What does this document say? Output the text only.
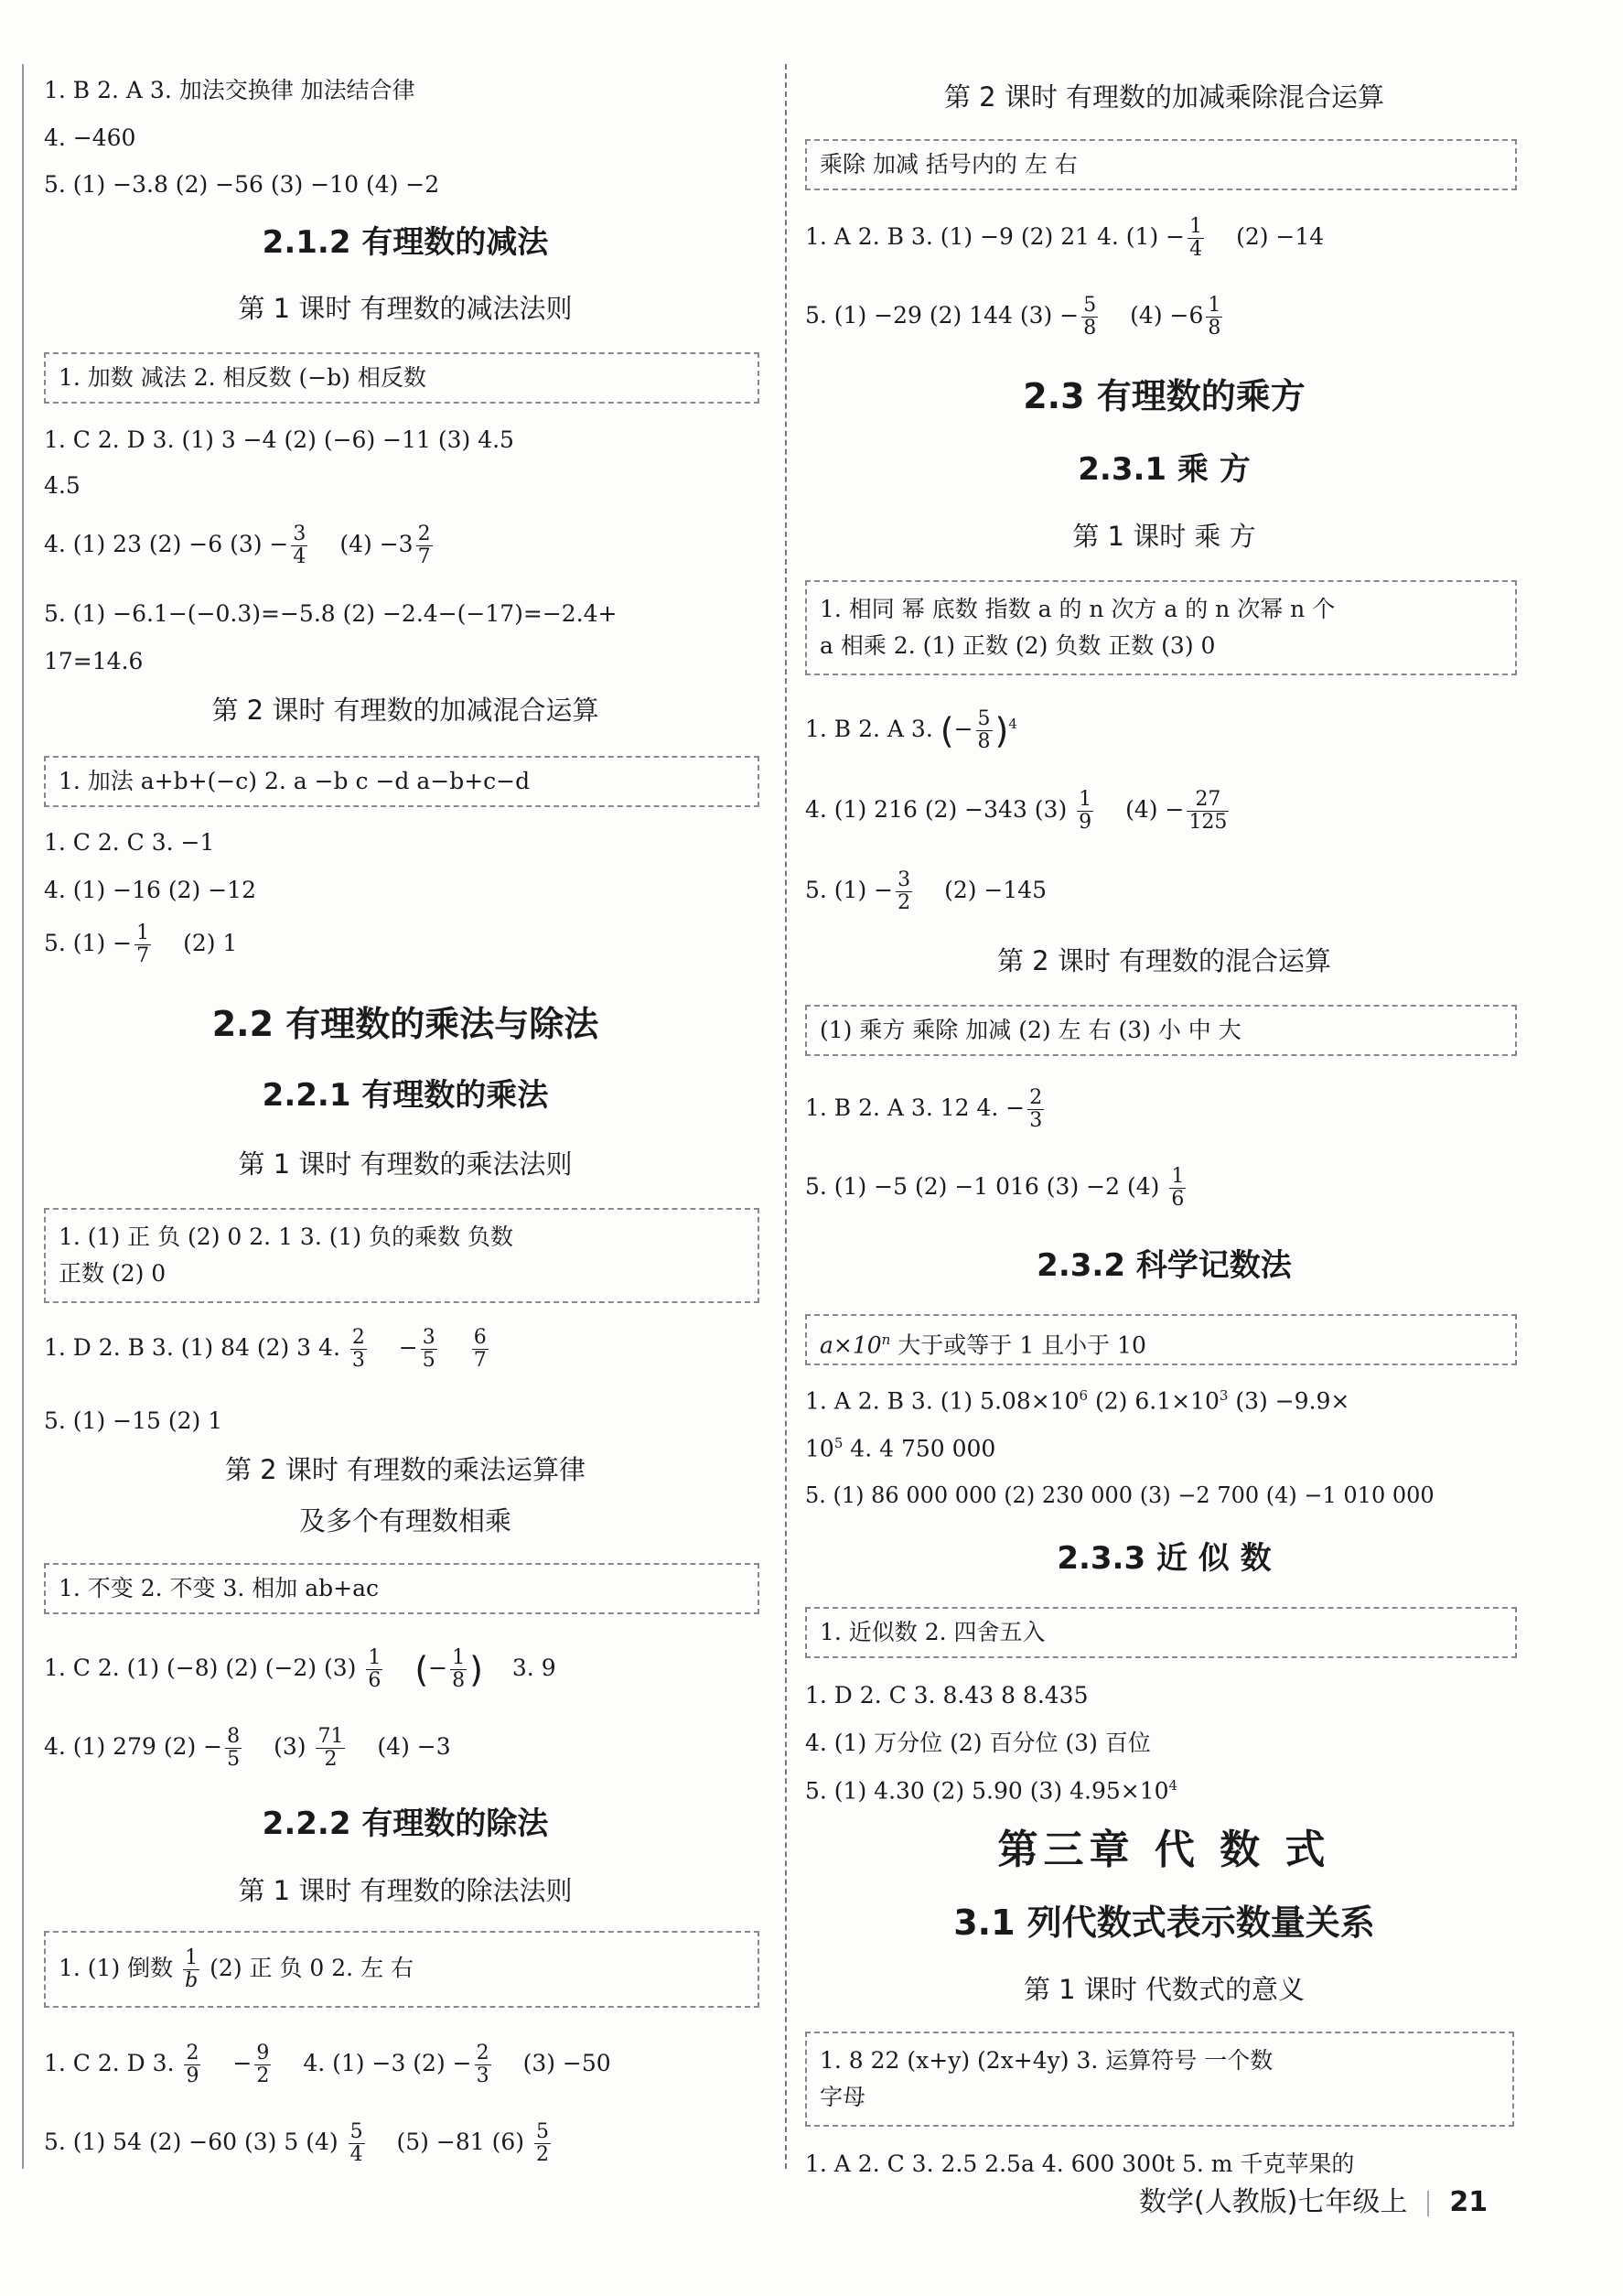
1. B 2. A 3. 加法交换律 加法结合律
4. −460
5. (1) −3.8 (2) −56 (3) −10 (4) −2
2.1.2 有理数的减法
第 1 课时 有理数的减法法则
1. 加数 减法 2. 相反数 (−b) 相反数
1. C 2. D 3. (1) 3 −4 (2) (−6) −11 (3) 4.5
4.5
4. (1) 23 (2) −6 $(3) - \frac{3}{4} (4) -3 \frac{2}{7}$
5. (1) −6.1−(−0.3)=−5.8 (2) −2.4−(−17)=−2.4+
17=14.6
第 2 课时 有理数的加减混合运算
1. 加法 a+b+(−c) 2. a −b c −d a−b+c−d
1. C 2. C 3. −1
4. (1) −16 (2) −12
5. $(1) - \frac{1}{7} (2)$ 1
2.2 有理数的乘法与除法
2.2.1 有理数的乘法
第 1 课时 有理数的乘法法则
1. (1) 正 负 (2) 0 2. 1 3. (1) 负的乘数 负数
正数 (2) 0
1. D 2. B 3. (1) 84 (2) 3 4. $\frac{2}{3} - \frac{3}{5}$
$\frac{6}{7}$
5. (1) −15 (2) 1
第 2 课时 有理数的乘法运算律
及多个有理数相乘
1. 不变 2. 不变 3. 相加 ab+ac
1. C 2. (1) (−8) (2) (−2) $(3) \frac{1}{6}$ (− $\frac{1}{8}$ ) 3. 9
4. (1) 279 $(2) - \frac{8}{5} (3) \frac{71}{2} (4) -3$
2.2.2 有理数的除法
第 1 课时 有理数的除法法则
1. (1) 倒数 $\frac{1}{b} (2)$ 正 负 0 2. 左 右
1. C 2. D 3. $\frac{2}{9} - \frac{9}{2} 4$. (1) −3 $(2) - \frac{2}{3} (3) -50$
5. (1) 54 (2) −60 (3) 5 $(4) \frac{5}{4} (5) -81$ $(6) \frac{5}{2}$
第 2 课时 有理数的加减乘除混合运算
乘除 加减 括号内的 左 右
1. A 2. B 3. (1) −9 (2) 21 4. $(1) - \frac{1}{4} (2) -14$
5. (1) −29 (2) 144 $(3) - \frac{5}{8} (4) -6 \frac{1}{8}$
2.3 有理数的乘方
2.3.1 乘 方
第 1 课时 乘 方
1. 相同 幂 底数 指数 a 的 n 次方 a 的 n 次幂 n 个
a 相乘 2. (1) 正数 (2) 负数 正数 (3) 0
1. B 2. A 3. (− $\frac{5}{8} )^4$
4. (1) 216 (2) −343 $(3) \frac{1}{9} (4) - \frac{27}{125}$
5. $(1) - \frac{3}{2} (2) -145$
第 2 课时 有理数的混合运算
(1) 乘方 乘除 加减 (2) 左 右 (3) 小 中 大
1. B 2. A 3. 12 4. − $\frac{2}{3}$
5. (1) −5 (2) −1 016 (3) −2 $(4) \frac{1}{6}$
2.3.2 科学记数法
$a\times 10^n$ 大于或等于 1 且小于 10
1. A 2. B 3. (1) $5.08\times 10^6$ (2) $6.1\times 10^3$ (3) −9.9×
$10^5$ 4. 4 750 000
5. (1) 86 000 000 (2) 230 000 (3) −2 700 (4) −1 010 000
2.3.3 近 似 数
1. 近似数 2. 四舍五入
1. D 2. C 3. 8.43 8 8.435
4. (1) 万分位 (2) 百分位 (3) 百位
5. (1) 4.30 (2) 5.90 (3) $4.95\times 10^4$
第三章 代 数 式
3.1 列代数式表示数量关系
第 1 课时 代数式的意义
1. 8 22 (x+y) (2x+4y) 3. 运算符号 一个数
字母
1. A 2. C 3. 2.5 2.5a 4. 600 300t 5. m 千克苹果的
数学(人教版)七年级上 21
